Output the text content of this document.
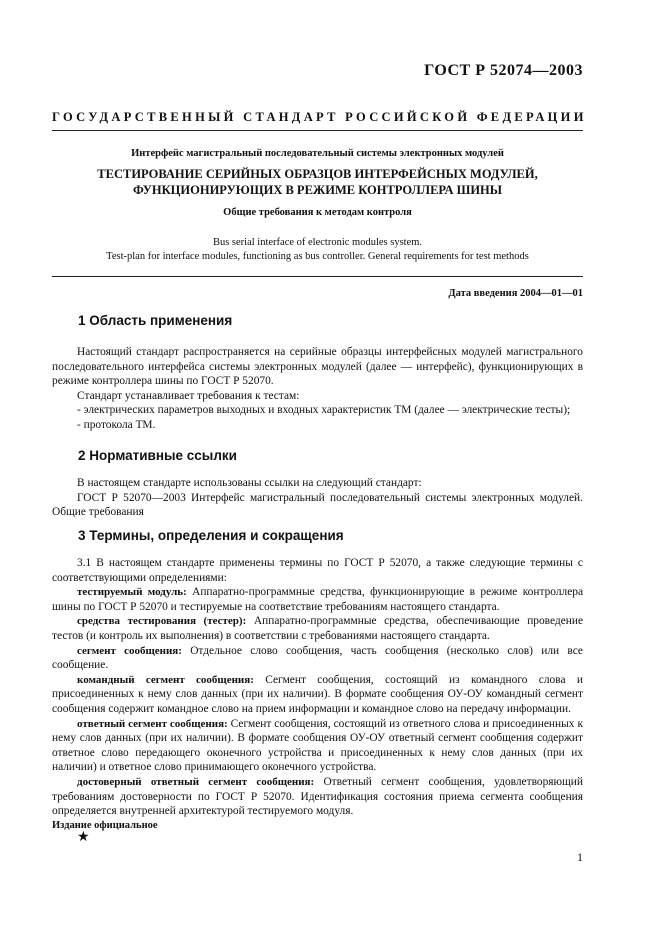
ГОСТ Р 52074—2003
ГОСУДАРСТВЕННЫЙ СТАНДАРТ РОССИЙСКОЙ ФЕДЕРАЦИИ
Интерфейс магистральный последовательный системы электронных модулей
ТЕСТИРОВАНИЕ СЕРИЙНЫХ ОБРАЗЦОВ ИНТЕРФЕЙСНЫХ МОДУЛЕЙ,
ФУНКЦИОНИРУЮЩИХ В РЕЖИМЕ КОНТРОЛЛЕРА ШИНЫ
Общие требования к методам контроля
Bus serial interface of electronic modules system.
Test-plan for interface modules, functioning as bus controller. General requirements for test methods
Дата введения 2004—01—01
1 Область применения

Настоящий стандарт распространяется на серийные образцы интерфейсных модулей магистрального последовательного интерфейса системы электронных модулей (далее — интерфейс), функционирующих в режиме контроллера шины по ГОСТ Р 52070.

Стандарт устанавливает требования к тестам:

- электрических параметров выходных и входных характеристик ТМ (далее — электрические тесты);

- протокола ТМ.

2 Нормативные ссылки

В настоящем стандарте использованы ссылки на следующий стандарт:

ГОСТ Р 52070—2003 Интерфейс магистральный последовательный системы электронных модулей. Общие требования

3 Термины, определения и сокращения

3.1 В настоящем стандарте применены термины по ГОСТ Р 52070, а также следующие термины с соответствующими определениями:

тестируемый модуль: Аппаратно-программные средства, функционирующие в режиме контроллера шины по ГОСТ Р 52070 и тестируемые на соответствие требованиям настоящего стандарта.

средства тестирования (тестер): Аппаратно-программные средства, обеспечивающие проведение тестов (и контроль их выполнения) в соответствии с требованиями настоящего стандарта.

сегмент сообщения: Отдельное слово сообщения, часть сообщения (несколько слов) или все сообщение.

командный сегмент сообщения: Сегмент сообщения, состоящий из командного слова и присоединенных к нему слов данных (при их наличии). В формате сообщения ОУ-ОУ командный сегмент сообщения содержит командное слово на прием информации и командное слово на передачу информации.

ответный сегмент сообщения: Сегмент сообщения, состоящий из ответного слова и присоединенных к нему слов данных (при их наличии). В формате сообщения ОУ-ОУ ответный сегмент сообщения содержит ответное слово передающего оконечного устройства и присоединенных к нему слов данных (при их наличии) и ответное слово принимающего оконечного устройства.

достоверный ответный сегмент сообщения: Ответный сегмент сообщения, удовлетворяющий требованиям достоверности по ГОСТ Р 52070. Идентификация состояния приема сегмента сообщения определяется внутренней архитектурой тестируемого модуля.

Издание официальное
★
1
